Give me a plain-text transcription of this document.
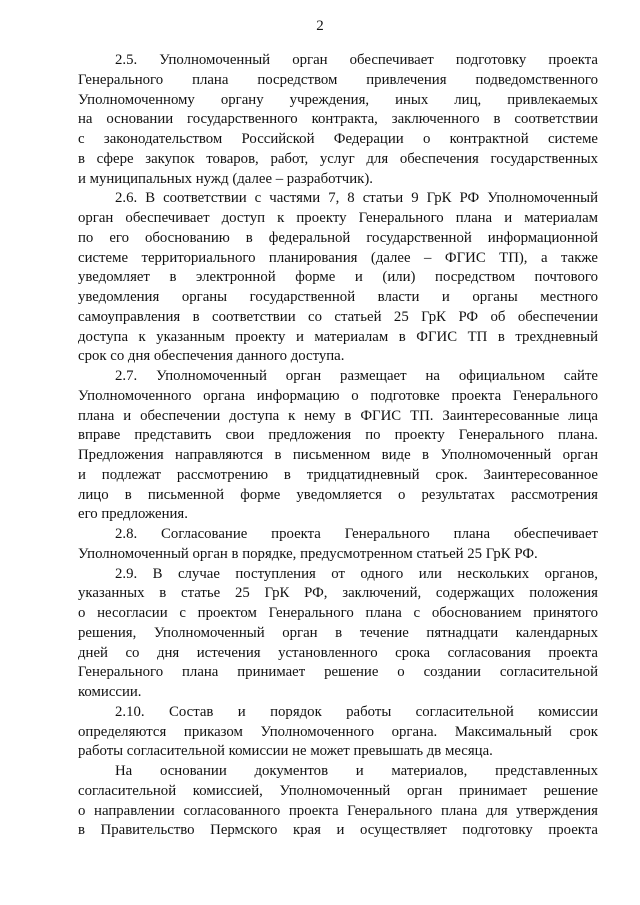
2
2.5. Уполномоченный орган обеспечивает подготовку проекта
Генерального плана посредством привлечения подведомственного
Уполномоченному органу учреждения, иных лиц, привлекаемых
на основании государственного контракта, заключенного в соответствии
с законодательством Российской Федерации о контрактной системе
в сфере закупок товаров, работ, услуг для обеспечения государственных
и муниципальных нужд (далее – разработчик).
2.6. В соответствии с частями 7, 8 статьи 9 ГрК РФ Уполномоченный
орган обеспечивает доступ к проекту Генерального плана и материалам
по его обоснованию в федеральной государственной информационной
системе территориального планирования (далее – ФГИС ТП), а также
уведомляет в электронной форме и (или) посредством почтового
уведомления органы государственной власти и органы местного
самоуправления в соответствии со статьей 25 ГрК РФ об обеспечении
доступа к указанным проекту и материалам в ФГИС ТП в трехдневный
срок со дня обеспечения данного доступа.
2.7. Уполномоченный орган размещает на официальном сайте
Уполномоченного органа информацию о подготовке проекта Генерального
плана и обеспечении доступа к нему в ФГИС ТП. Заинтересованные лица
вправе представить свои предложения по проекту Генерального плана.
Предложения направляются в письменном виде в Уполномоченный орган
и подлежат рассмотрению в тридцатидневный срок. Заинтересованное
лицо в письменной форме уведомляется о результатах рассмотрения
его предложения.
2.8. Согласование проекта Генерального плана обеспечивает
Уполномоченный орган в порядке, предусмотренном статьей 25 ГрК РФ.
2.9. В случае поступления от одного или нескольких органов,
указанных в статье 25 ГрК РФ, заключений, содержащих положения
о несогласии с проектом Генерального плана с обоснованием принятого
решения, Уполномоченный орган в течение пятнадцати календарных
дней со дня истечения установленного срока согласования проекта
Генерального плана принимает решение о создании согласительной
комиссии.
2.10. Состав и порядок работы согласительной комиссии
определяются приказом Уполномоченного органа. Максимальный срок
работы согласительной комиссии не может превышать дв месяца.
На основании документов и материалов, представленных
согласительной комиссией, Уполномоченный орган принимает решение
о направлении согласованного проекта Генерального плана для утверждения
в Правительство Пермского края и осуществляет подготовку проекта
